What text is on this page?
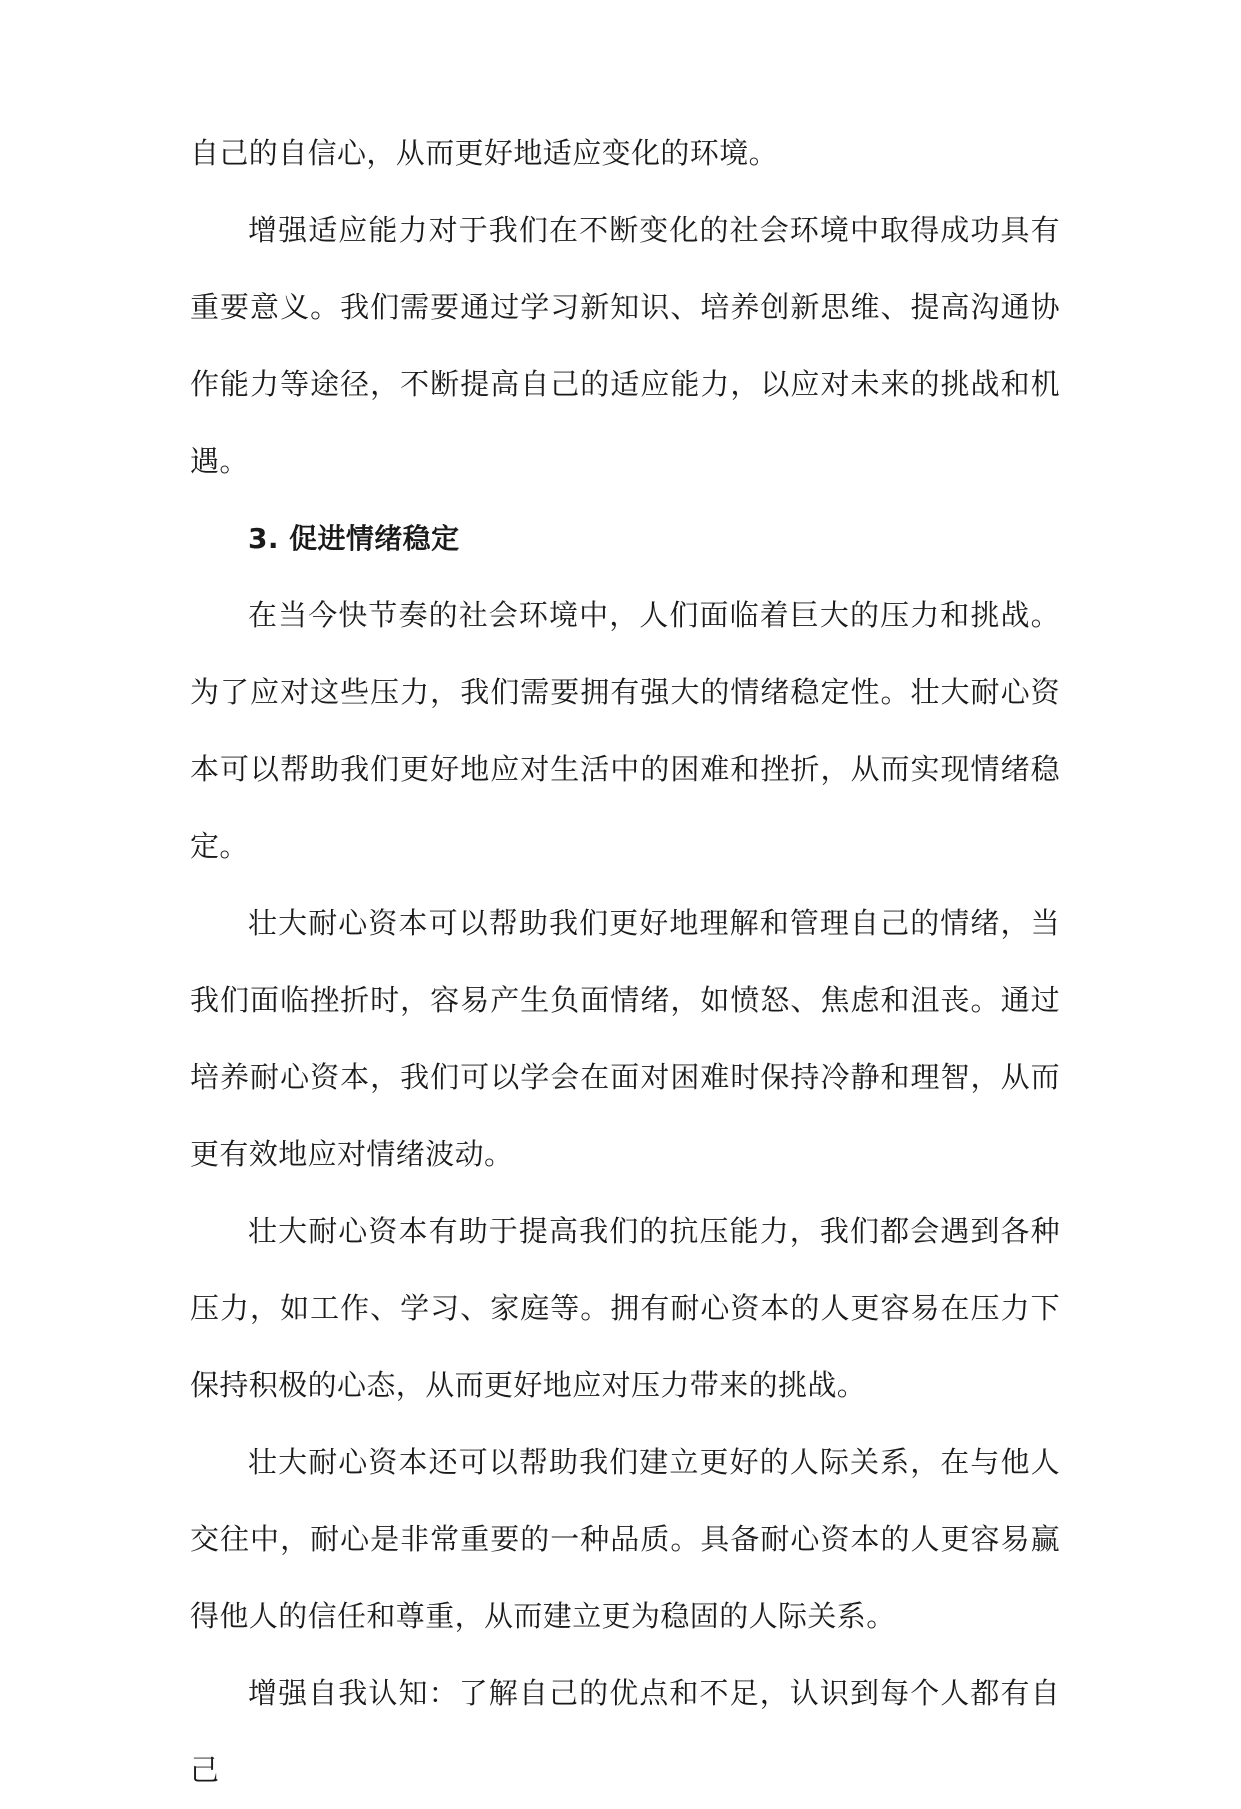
自己的自信心，从而更好地适应变化的环境。

增强适应能力对于我们在不断变化的社会环境中取得成功具有重要意义。我们需要通过学习新知识、培养创新思维、提高沟通协作能力等途径，不断提高自己的适应能力，以应对未来的挑战和机遇。

3. 促进情绪稳定

在当今快节奏的社会环境中，人们面临着巨大的压力和挑战。为了应对这些压力，我们需要拥有强大的情绪稳定性。壮大耐心资本可以帮助我们更好地应对生活中的困难和挫折，从而实现情绪稳定。

壮大耐心资本可以帮助我们更好地理解和管理自己的情绪，当我们面临挫折时，容易产生负面情绪，如愤怒、焦虑和沮丧。通过培养耐心资本，我们可以学会在面对困难时保持冷静和理智，从而更有效地应对情绪波动。

壮大耐心资本有助于提高我们的抗压能力，我们都会遇到各种压力，如工作、学习、家庭等。拥有耐心资本的人更容易在压力下保持积极的心态，从而更好地应对压力带来的挑战。

壮大耐心资本还可以帮助我们建立更好的人际关系，在与他人交往中，耐心是非常重要的一种品质。具备耐心资本的人更容易赢得他人的信任和尊重，从而建立更为稳固的人际关系。

增强自我认知：了解自己的优点和不足，认识到每个人都有自己
